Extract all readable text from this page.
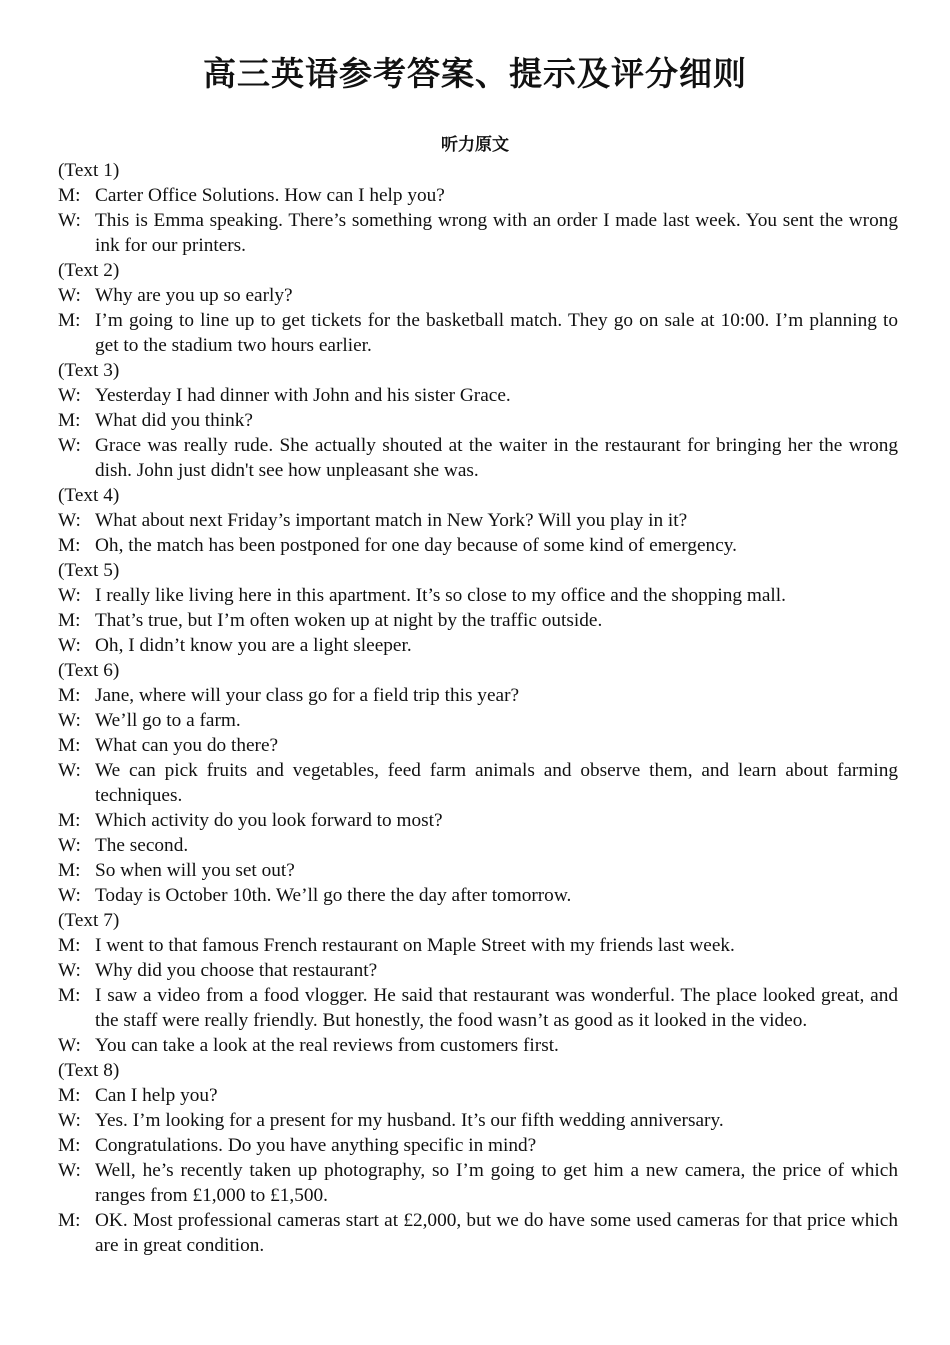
高三英语参考答案、提示及评分细则
听力原文
(Text 1)
M: Carter Office Solutions. How can I help you?
W: This is Emma speaking. There’s something wrong with an order I made last week. You sent the wrong ink for our printers.
(Text 2)
W: Why are you up so early?
M: I’m going to line up to get tickets for the basketball match. They go on sale at 10:00. I’m planning to get to the stadium two hours earlier.
(Text 3)
W: Yesterday I had dinner with John and his sister Grace.
M: What did you think?
W: Grace was really rude. She actually shouted at the waiter in the restaurant for bringing her the wrong dish. John just didn't see how unpleasant she was.
(Text 4)
W: What about next Friday’s important match in New York? Will you play in it?
M: Oh, the match has been postponed for one day because of some kind of emergency.
(Text 5)
W: I really like living here in this apartment. It’s so close to my office and the shopping mall.
M: That’s true, but I’m often woken up at night by the traffic outside.
W: Oh, I didn’t know you are a light sleeper.
(Text 6)
M: Jane, where will your class go for a field trip this year?
W: We’ll go to a farm.
M: What can you do there?
W: We can pick fruits and vegetables, feed farm animals and observe them, and learn about farming techniques.
M: Which activity do you look forward to most?
W: The second.
M: So when will you set out?
W: Today is October 10th. We’ll go there the day after tomorrow.
(Text 7)
M: I went to that famous French restaurant on Maple Street with my friends last week.
W: Why did you choose that restaurant?
M: I saw a video from a food vlogger. He said that restaurant was wonderful. The place looked great, and the staff were really friendly. But honestly, the food wasn’t as good as it looked in the video.
W: You can take a look at the real reviews from customers first.
(Text 8)
M: Can I help you?
W: Yes. I’m looking for a present for my husband. It’s our fifth wedding anniversary.
M: Congratulations. Do you have anything specific in mind?
W: Well, he’s recently taken up photography, so I’m going to get him a new camera, the price of which ranges from £1,000 to £1,500.
M: OK. Most professional cameras start at £2,000, but we do have some used cameras for that price which are in great condition.
